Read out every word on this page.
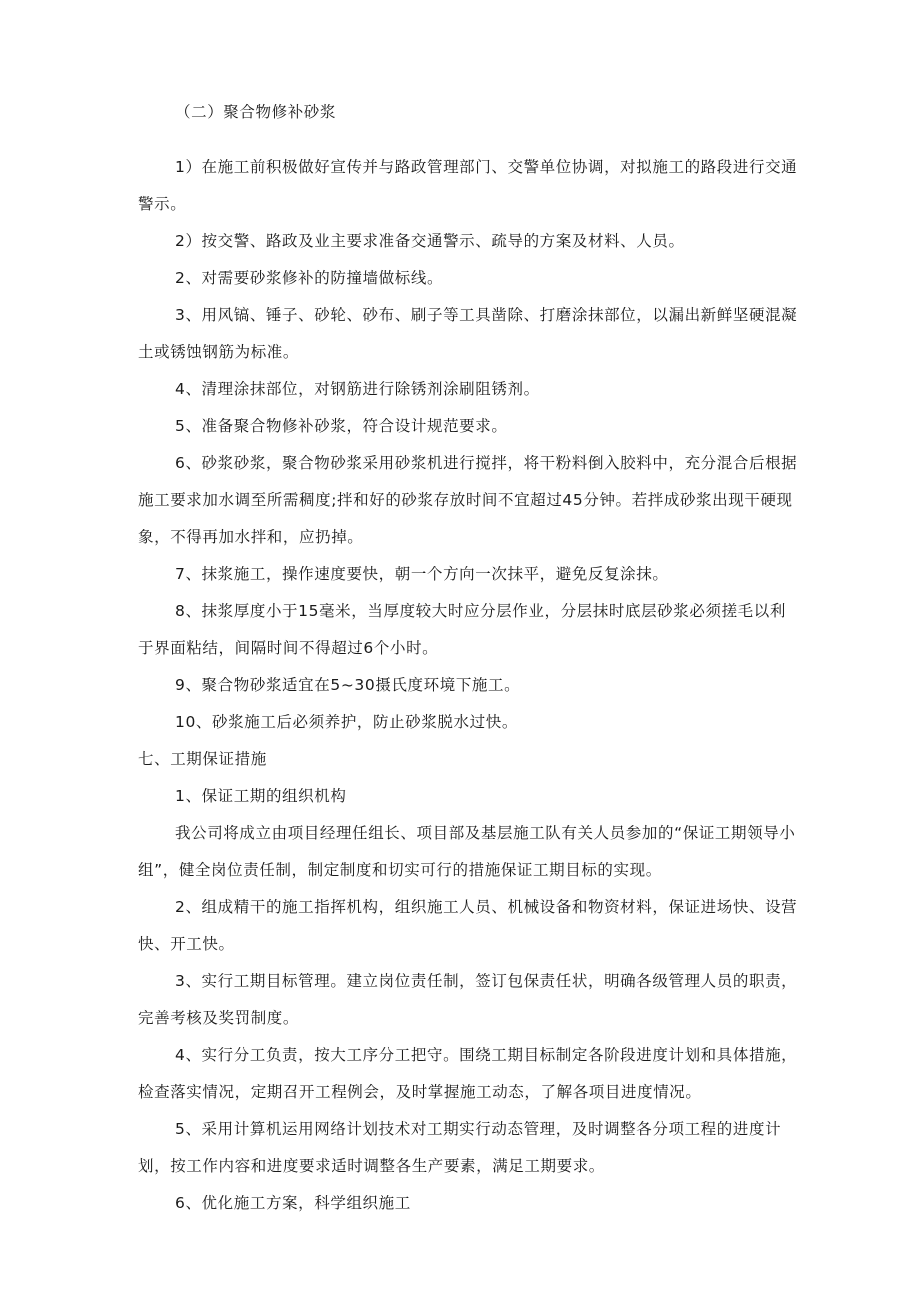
（二）聚合物修补砂浆

1）在施工前积极做好宣传并与路政管理部门、交警单位协调，对拟施工的路段进行交通警示。

2）按交警、路政及业主要求准备交通警示、疏导的方案及材料、人员。

2、对需要砂浆修补的防撞墙做标线。

3、用风镐、锤子、砂轮、砂布、刷子等工具凿除、打磨涂抹部位，以漏出新鲜坚硬混凝土或锈蚀钢筋为标准。

4、清理涂抹部位，对钢筋进行除锈剂涂刷阻锈剂。

5、准备聚合物修补砂浆，符合设计规范要求。

6、砂浆砂浆，聚合物砂浆采用砂浆机进行搅拌，将干粉料倒入胶料中，充分混合后根据施工要求加水调至所需稠度;拌和好的砂浆存放时间不宜超过45分钟。若拌成砂浆出现干硬现象，不得再加水拌和，应扔掉。

7、抹浆施工，操作速度要快，朝一个方向一次抹平，避免反复涂抹。

8、抹浆厚度小于15毫米，当厚度较大时应分层作业，分层抹时底层砂浆必须搓毛以利于界面粘结，间隔时间不得超过6个小时。

9、聚合物砂浆适宜在5~30摄氏度环境下施工。

10、砂浆施工后必须养护，防止砂浆脱水过快。

七、工期保证措施

1、保证工期的组织机构

我公司将成立由项目经理任组长、项目部及基层施工队有关人员参加的“保证工期领导小组”，健全岗位责任制，制定制度和切实可行的措施保证工期目标的实现。

2、组成精干的施工指挥机构，组织施工人员、机械设备和物资材料，保证进场快、设营快、开工快。

3、实行工期目标管理。建立岗位责任制，签订包保责任状，明确各级管理人员的职责，完善考核及奖罚制度。

4、实行分工负责，按大工序分工把守。围绕工期目标制定各阶段进度计划和具体措施，检查落实情况，定期召开工程例会，及时掌握施工动态，了解各项目进度情况。

5、采用计算机运用网络计划技术对工期实行动态管理，及时调整各分项工程的进度计划，按工作内容和进度要求适时调整各生产要素，满足工期要求。

6、优化施工方案，科学组织施工
